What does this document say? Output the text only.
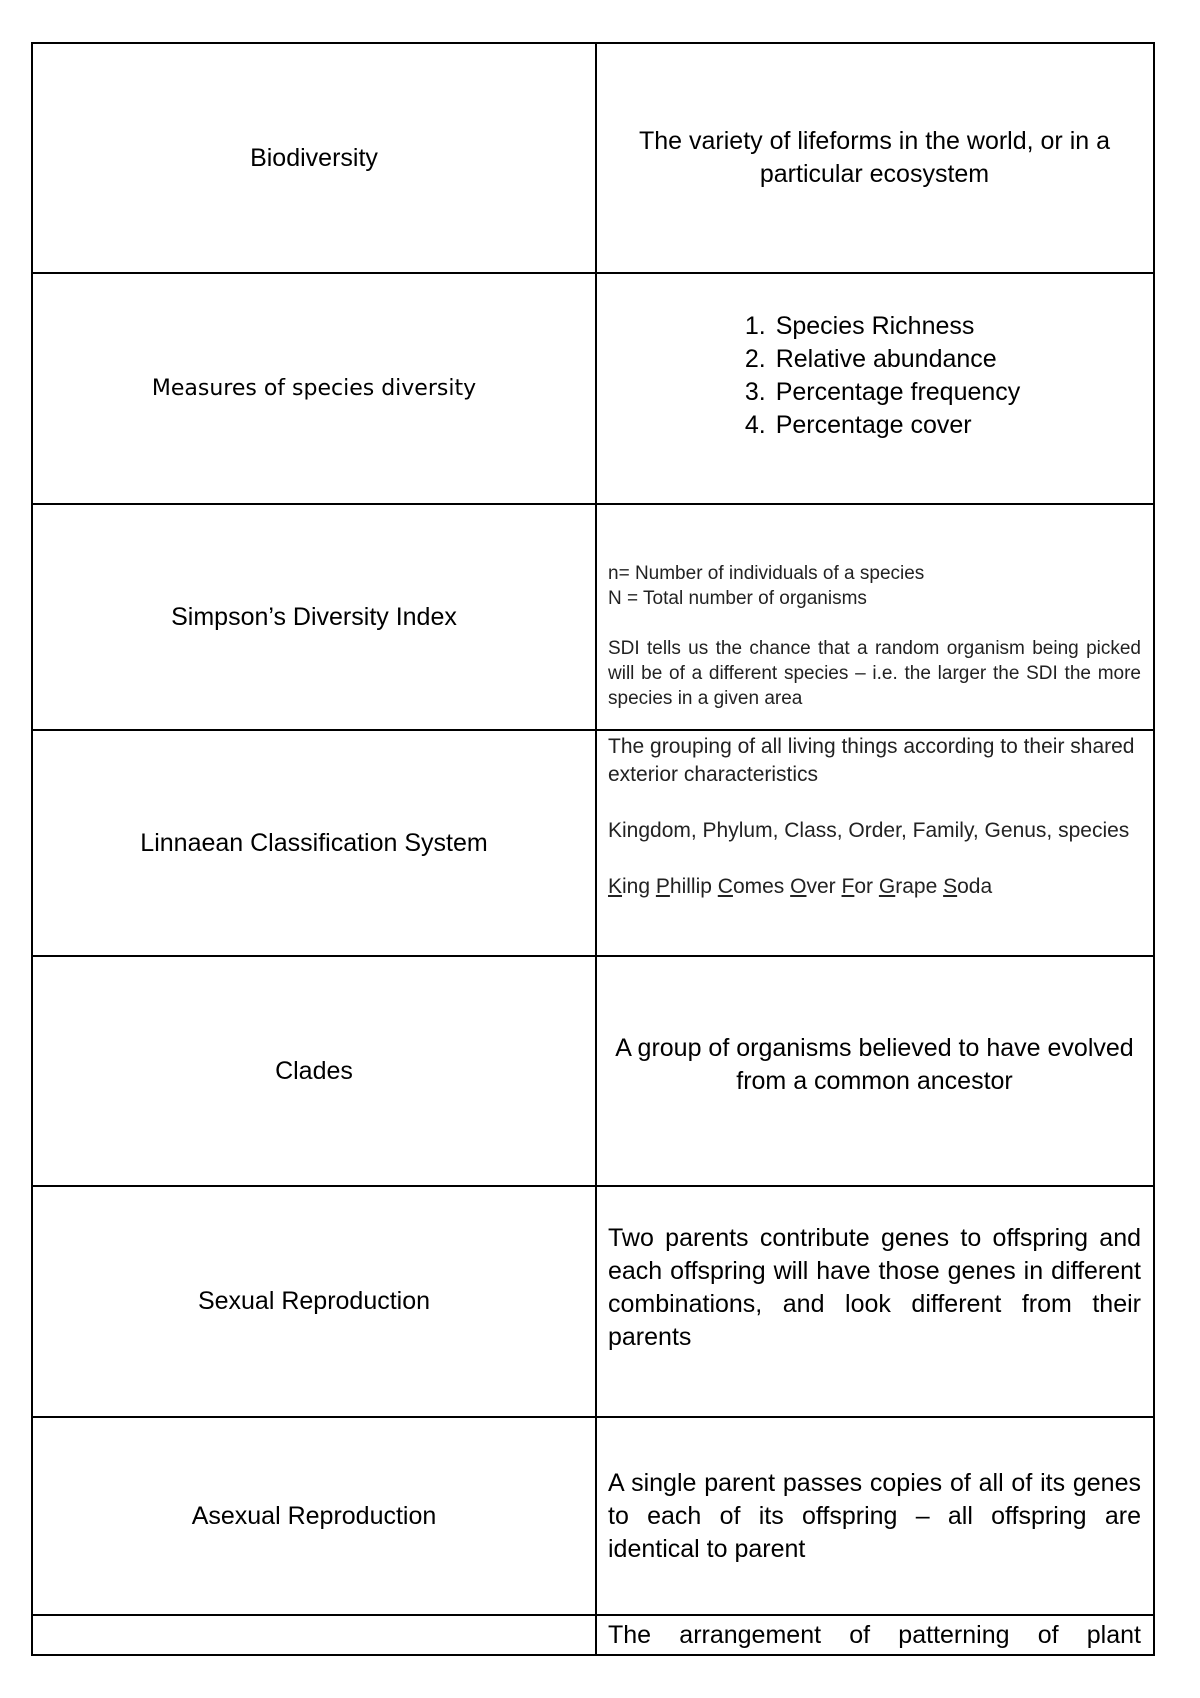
Biodiversity
The variety of lifeforms in the world, or in a particular ecosystem
Measures of species diversity
1. Species Richness
2. Relative abundance
3. Percentage frequency
4. Percentage cover
Simpson’s Diversity Index

n= Number of individuals of a species

N = Total number of organisms

SDI tells us the chance that a random organism being picked will be of a different species – i.e. the larger the SDI the more species in a given area

Linnaean Classification System

The grouping of all living things according to their shared exterior characteristics

Kingdom, Phylum, Class, Order, Family, Genus, species

King Phillip Comes Over For Grape Soda

Clades
A group of organisms believed to have evolved from a common ancestor
Sexual Reproduction
Two parents contribute genes to offspring and each offspring will have those genes in different combinations, and look different from their parents
Asexual Reproduction
A single parent passes copies of all of its genes to each of its offspring – all offspring are identical to parent
The arrangement of patterning of plant
